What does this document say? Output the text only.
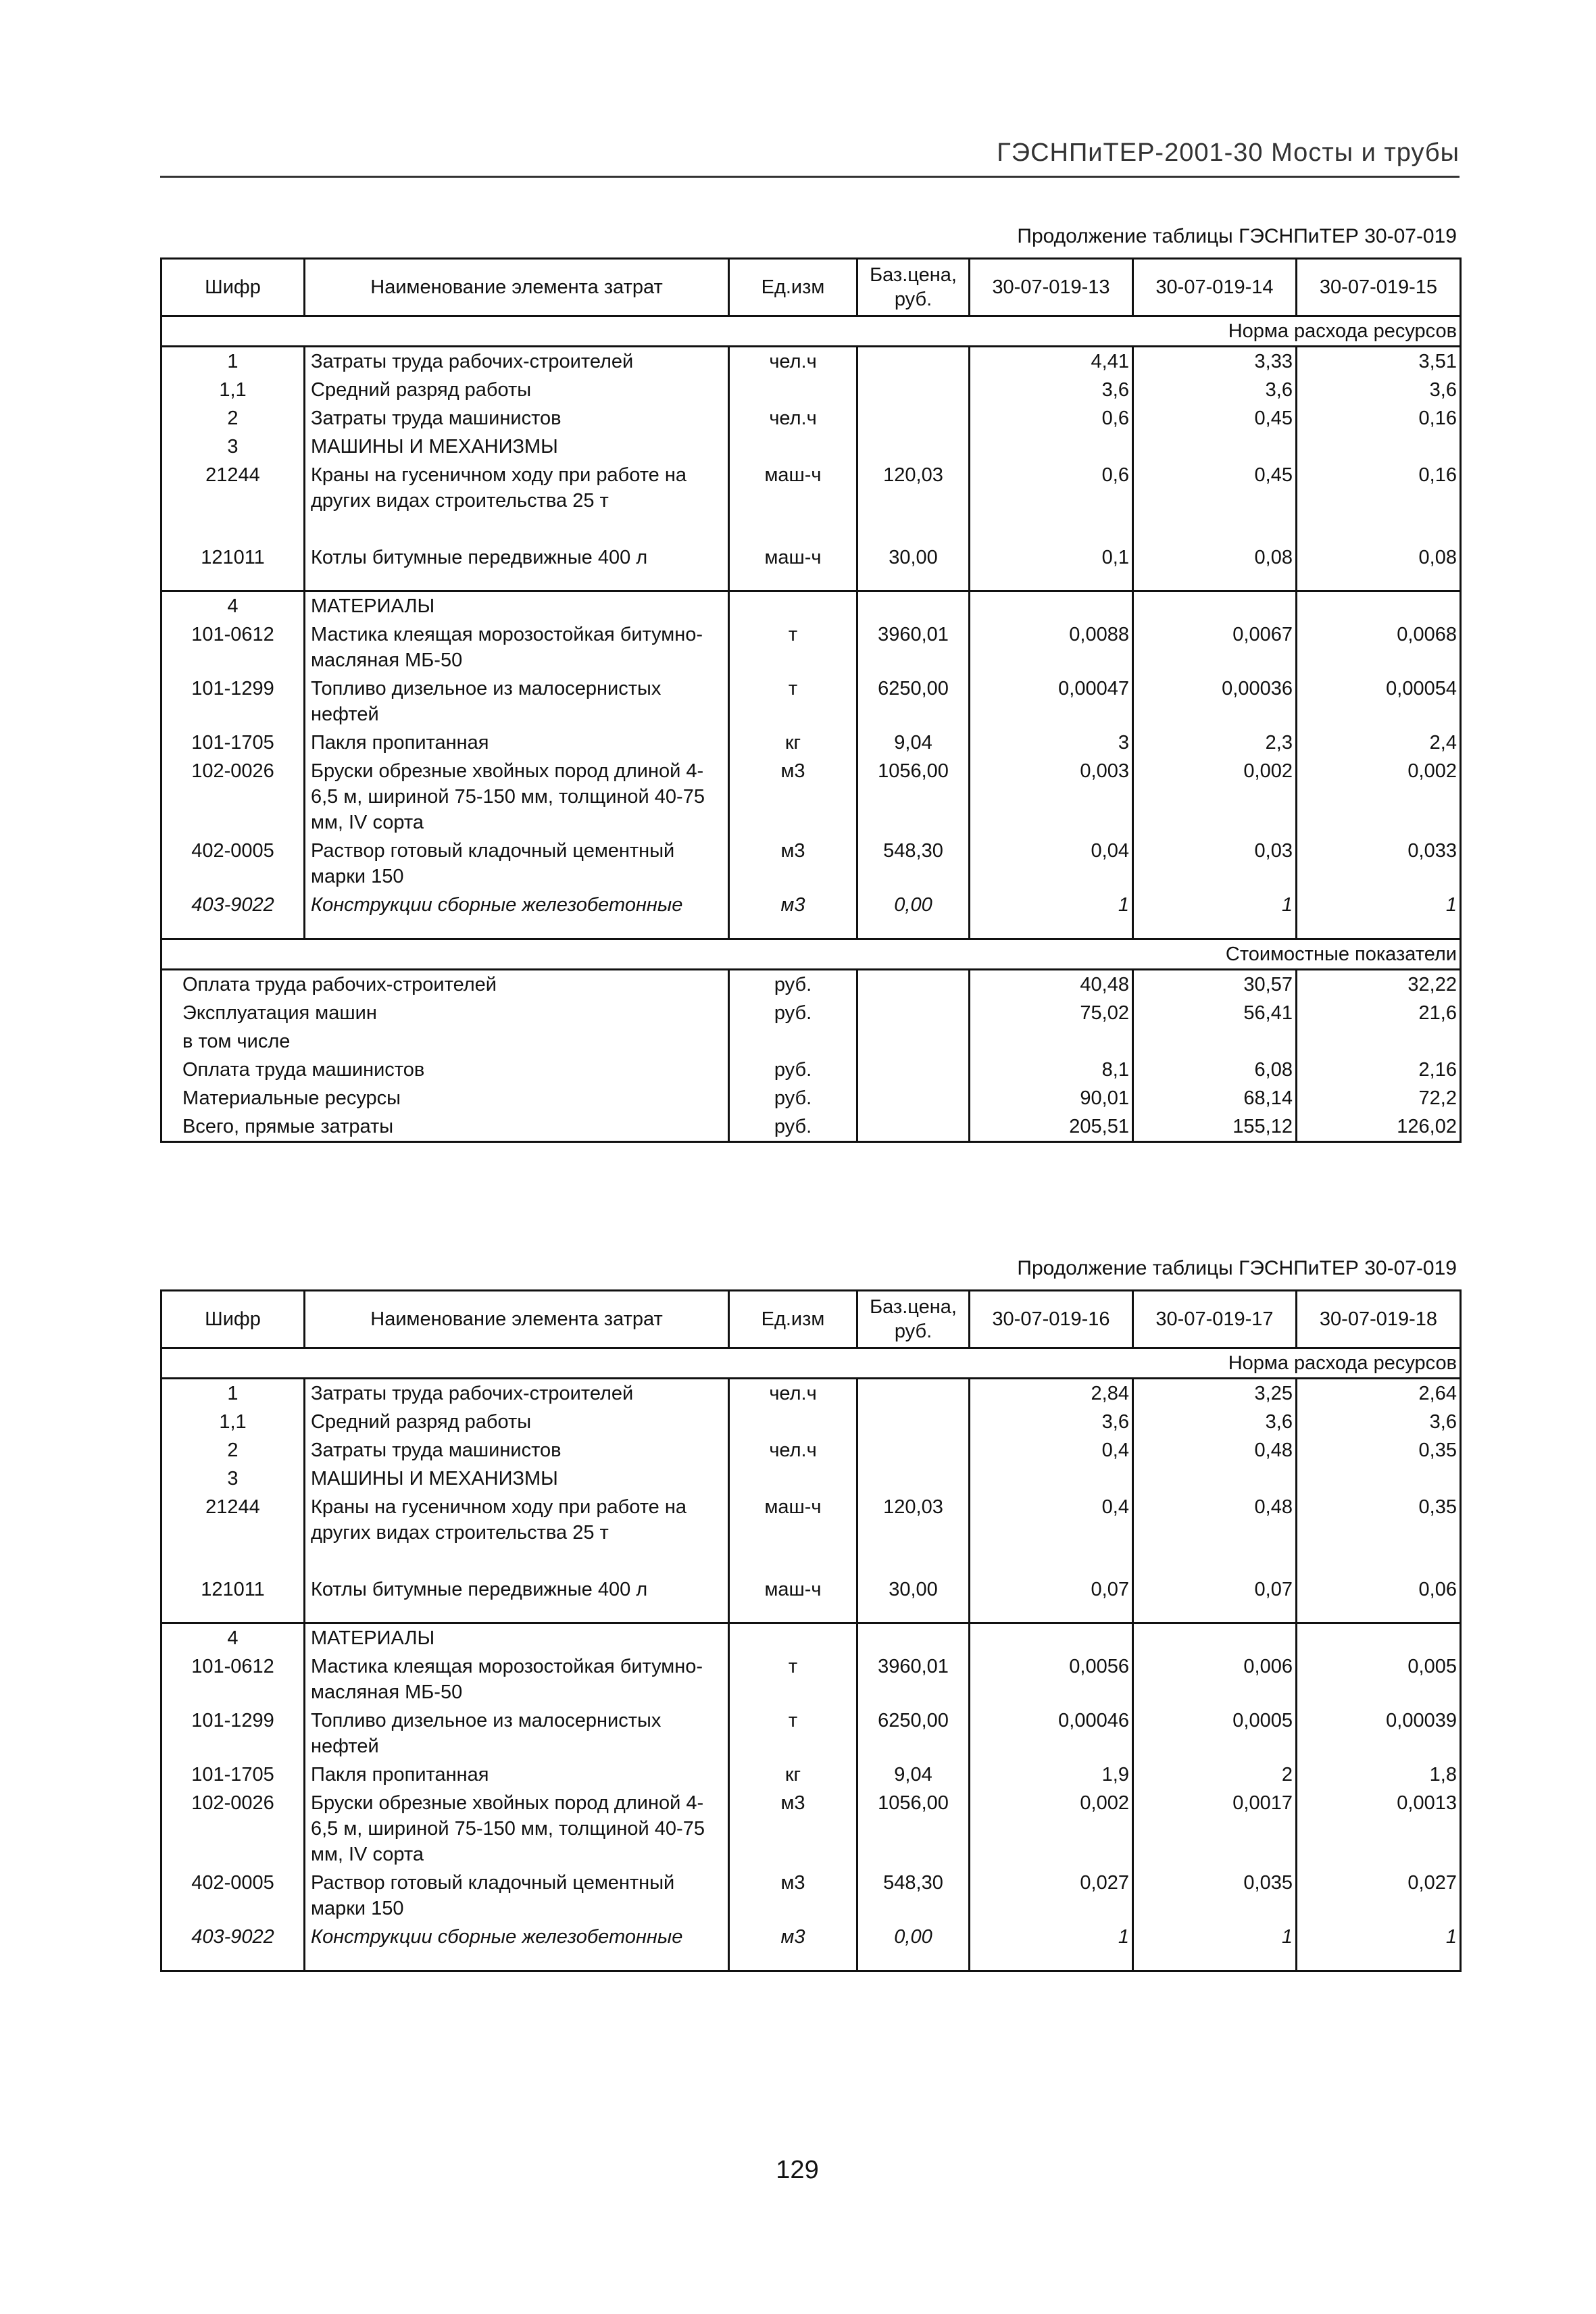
ГЭСНПиТЕР-2001-30 Мосты и трубы
Продолжение таблицы ГЭСНПиТЕР 30-07-019
Шифр	Наименование элемента затрат	Ед.изм	Баз.цена, руб.	30-07-019-13	30-07-019-14	30-07-019-15
Норма расхода ресурсов						
1	Затраты труда рабочих-строителей	чел.ч		4,41	3,33	3,51
1,1	Средний разряд работы			3,6	3,6	3,6
2	Затраты труда машинистов	чел.ч		0,6	0,45	0,16
3	МАШИНЫ И МЕХАНИЗМЫ					
21244	Краны на гусеничном ходу при работе на других видах строительства 25 т	маш-ч	120,03	0,6	0,45	0,16
121011	Котлы битумные передвижные 400 л	маш-ч	30,00	0,1	0,08	0,08
4	МАТЕРИАЛЫ					
101-0612	Мастика клеящая морозостойкая битумно-масляная МБ-50	т	3960,01	0,0088	0,0067	0,0068
101-1299	Топливо дизельное из малосернистых нефтей	т	6250,00	0,00047	0,00036	0,00054
101-1705	Пакля пропитанная	кг	9,04	3	2,3	2,4
102-0026	Бруски обрезные хвойных пород длиной 4-6,5 м, шириной 75-150 мм, толщиной 40-75 мм, IV сорта	м3	1056,00	0,003	0,002	0,002
402-0005	Раствор готовый кладочный цементный марки 150	м3	548,30	0,04	0,03	0,033
403-9022	Конструкции сборные железобетонные	м3	0,00	1	1	1
Стоимостные показатели						
Оплата труда рабочих-строителей		руб.		40,48	30,57	32,22
Эксплуатация машин		руб.		75,02	56,41	21,6
в том числе						
Оплата труда машинистов		руб.		8,1	6,08	2,16
Материальные ресурсы		руб.		90,01	68,14	72,2
Всего, прямые затраты		руб.		205,51	155,12	126,02
Продолжение таблицы ГЭСНПиТЕР 30-07-019
Шифр	Наименование элемента затрат	Ед.изм	Баз.цена, руб.	30-07-019-16	30-07-019-17	30-07-019-18
Норма расхода ресурсов						
1	Затраты труда рабочих-строителей	чел.ч		2,84	3,25	2,64
1,1	Средний разряд работы			3,6	3,6	3,6
2	Затраты труда машинистов	чел.ч		0,4	0,48	0,35
3	МАШИНЫ И МЕХАНИЗМЫ					
21244	Краны на гусеничном ходу при работе на других видах строительства 25 т	маш-ч	120,03	0,4	0,48	0,35
121011	Котлы битумные передвижные 400 л	маш-ч	30,00	0,07	0,07	0,06
4	МАТЕРИАЛЫ					
101-0612	Мастика клеящая морозостойкая битумно-масляная МБ-50	т	3960,01	0,0056	0,006	0,005
101-1299	Топливо дизельное из малосернистых нефтей	т	6250,00	0,00046	0,0005	0,00039
101-1705	Пакля пропитанная	кг	9,04	1,9	2	1,8
102-0026	Бруски обрезные хвойных пород длиной 4-6,5 м, шириной 75-150 мм, толщиной 40-75 мм, IV сорта	м3	1056,00	0,002	0,0017	0,0013
402-0005	Раствор готовый кладочный цементный марки 150	м3	548,30	0,027	0,035	0,027
403-9022	Конструкции сборные железобетонные	м3	0,00	1	1	1
129
